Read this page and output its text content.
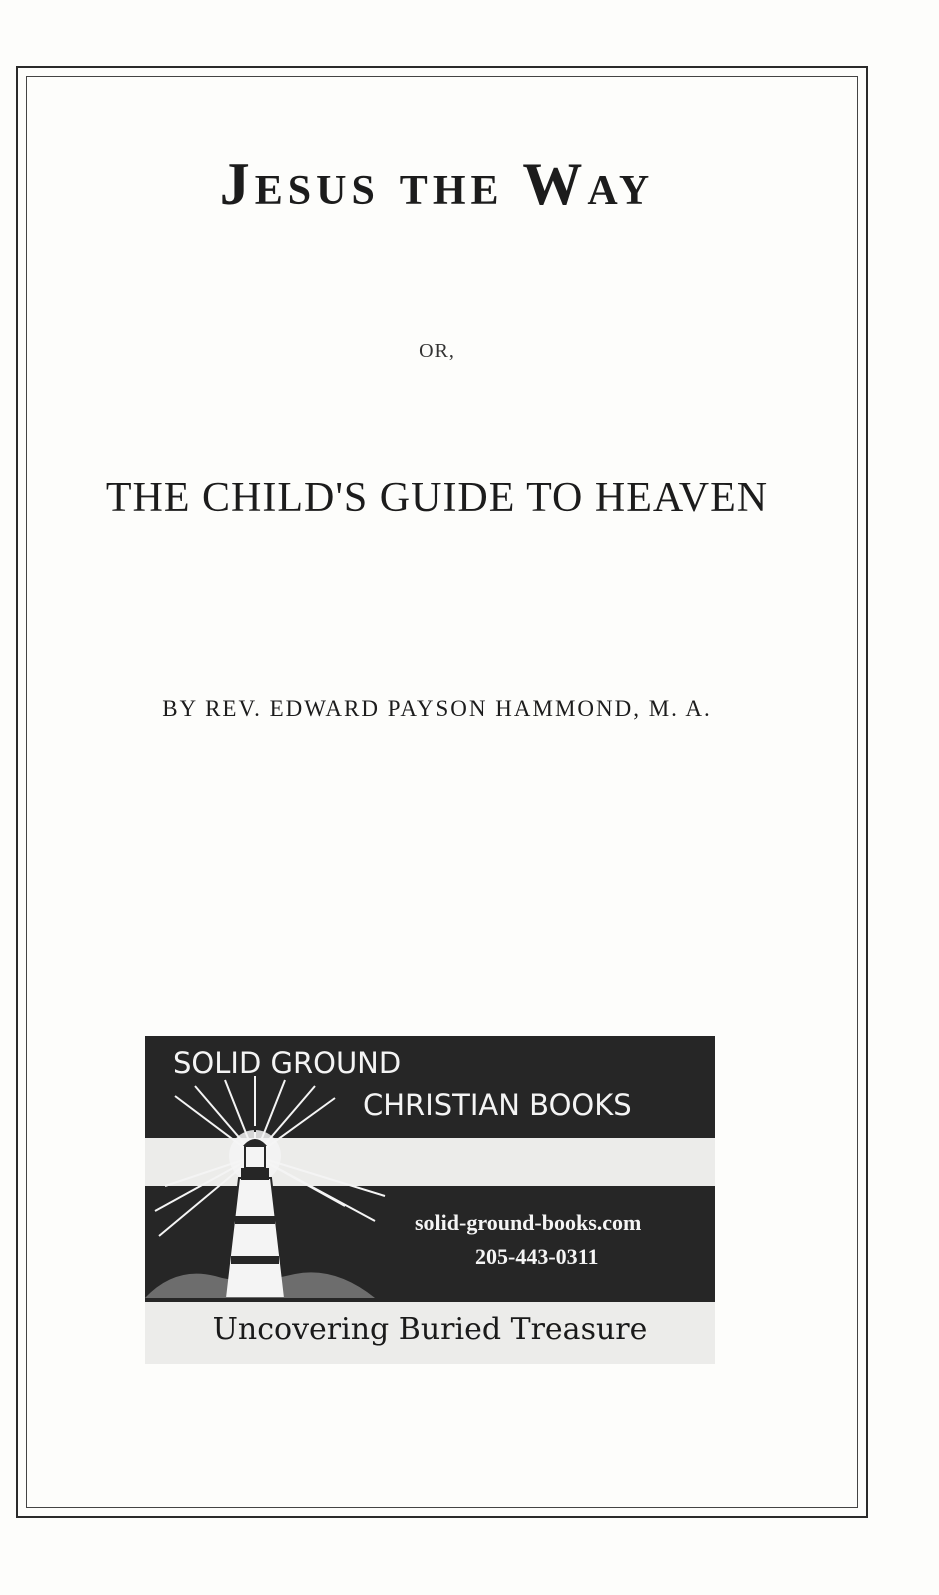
Jesus the Way
OR,
THE CHILD'S GUIDE TO HEAVEN
BY REV. EDWARD PAYSON HAMMOND, M. A.
SOLID GROUND
CHRISTIAN BOOKS
solid-ground-books.com
205-443-0311
Uncovering Buried Treasure
